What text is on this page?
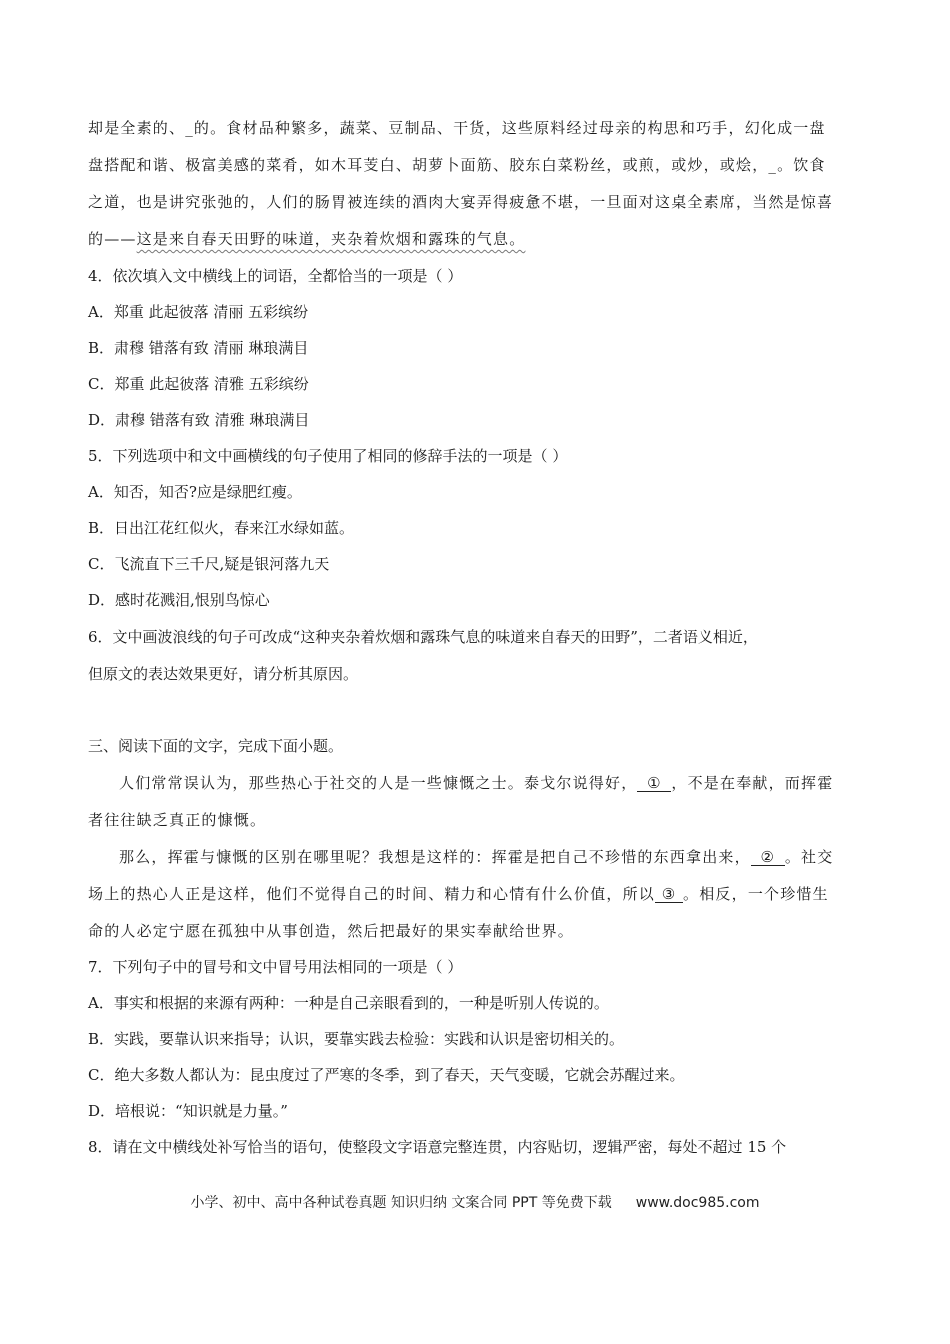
却是全素的、_的。食材品种繁多，蔬菜、豆制品、干货，这些原料经过母亲的构思和巧手，幻化成一盘
盘搭配和谐、极富美感的菜肴，如木耳芰白、胡萝卜面筋、胶东白菜粉丝，或煎，或炒，或烩，_。饮食
之道，也是讲究张弛的，人们的肠胃被连续的酒肉大宴弄得疲惫不堪，一旦面对这桌全素席，当然是惊喜
的——这是来自春天田野的味道，夹杂着炊烟和露珠的气息。
4．依次填入文中横线上的词语，全都恰当的一项是（ ）
A．郑重 此起彼落 清丽 五彩缤纷
B．肃穆 错落有致 清丽 琳琅满目
C．郑重 此起彼落 清雅 五彩缤纷
D．肃穆 错落有致 清雅 琳琅满目
5．下列选项中和文中画横线的句子使用了相同的修辞手法的一项是（ ）
A．知否，知否?应是绿肥红瘦。
B．日出江花红似火，春来江水绿如蓝。
C．飞流直下三千尺,疑是银河落九天
D．感时花溅泪,恨别鸟惊心
6．文中画波浪线的句子可改成“这种夹杂着炊烟和露珠气息的味道来自春天的田野”，二者语义相近，
但原文的表达效果更好，请分析其原因。
三、阅读下面的文字，完成下面小题。
人们常常误认为，那些热心于社交的人是一些慷慨之士。泰戈尔说得好， ① ，不是在奉献，而挥霍
者往往缺乏真正的慷慨。
那么，挥霍与慷慨的区别在哪里呢？我想是这样的：挥霍是把自己不珍惜的东西拿出来， ② 。社交
场上的热心人正是这样，他们不觉得自己的时间、精力和心情有什么价值，所以 ③ 。相反，一个珍惜生
命的人必定宁愿在孤独中从事创造，然后把最好的果实奉献给世界。
7．下列句子中的冒号和文中冒号用法相同的一项是（ ）
A．事实和根据的来源有两种：一种是自己亲眼看到的，一种是听别人传说的。
B．实践，要靠认识来指导；认识，要靠实践去检验：实践和认识是密切相关的。
C．绝大多数人都认为：昆虫度过了严寒的冬季，到了春天，天气变暖，它就会苏醒过来。
D．培根说：“知识就是力量。”
8．请在文中横线处补写恰当的语句，使整段文字语意完整连贯，内容贴切，逻辑严密，每处不超过 15 个
小学、初中、高中各种试卷真题 知识归纳 文案合同 PPT 等免费下载 www.doc985.com
